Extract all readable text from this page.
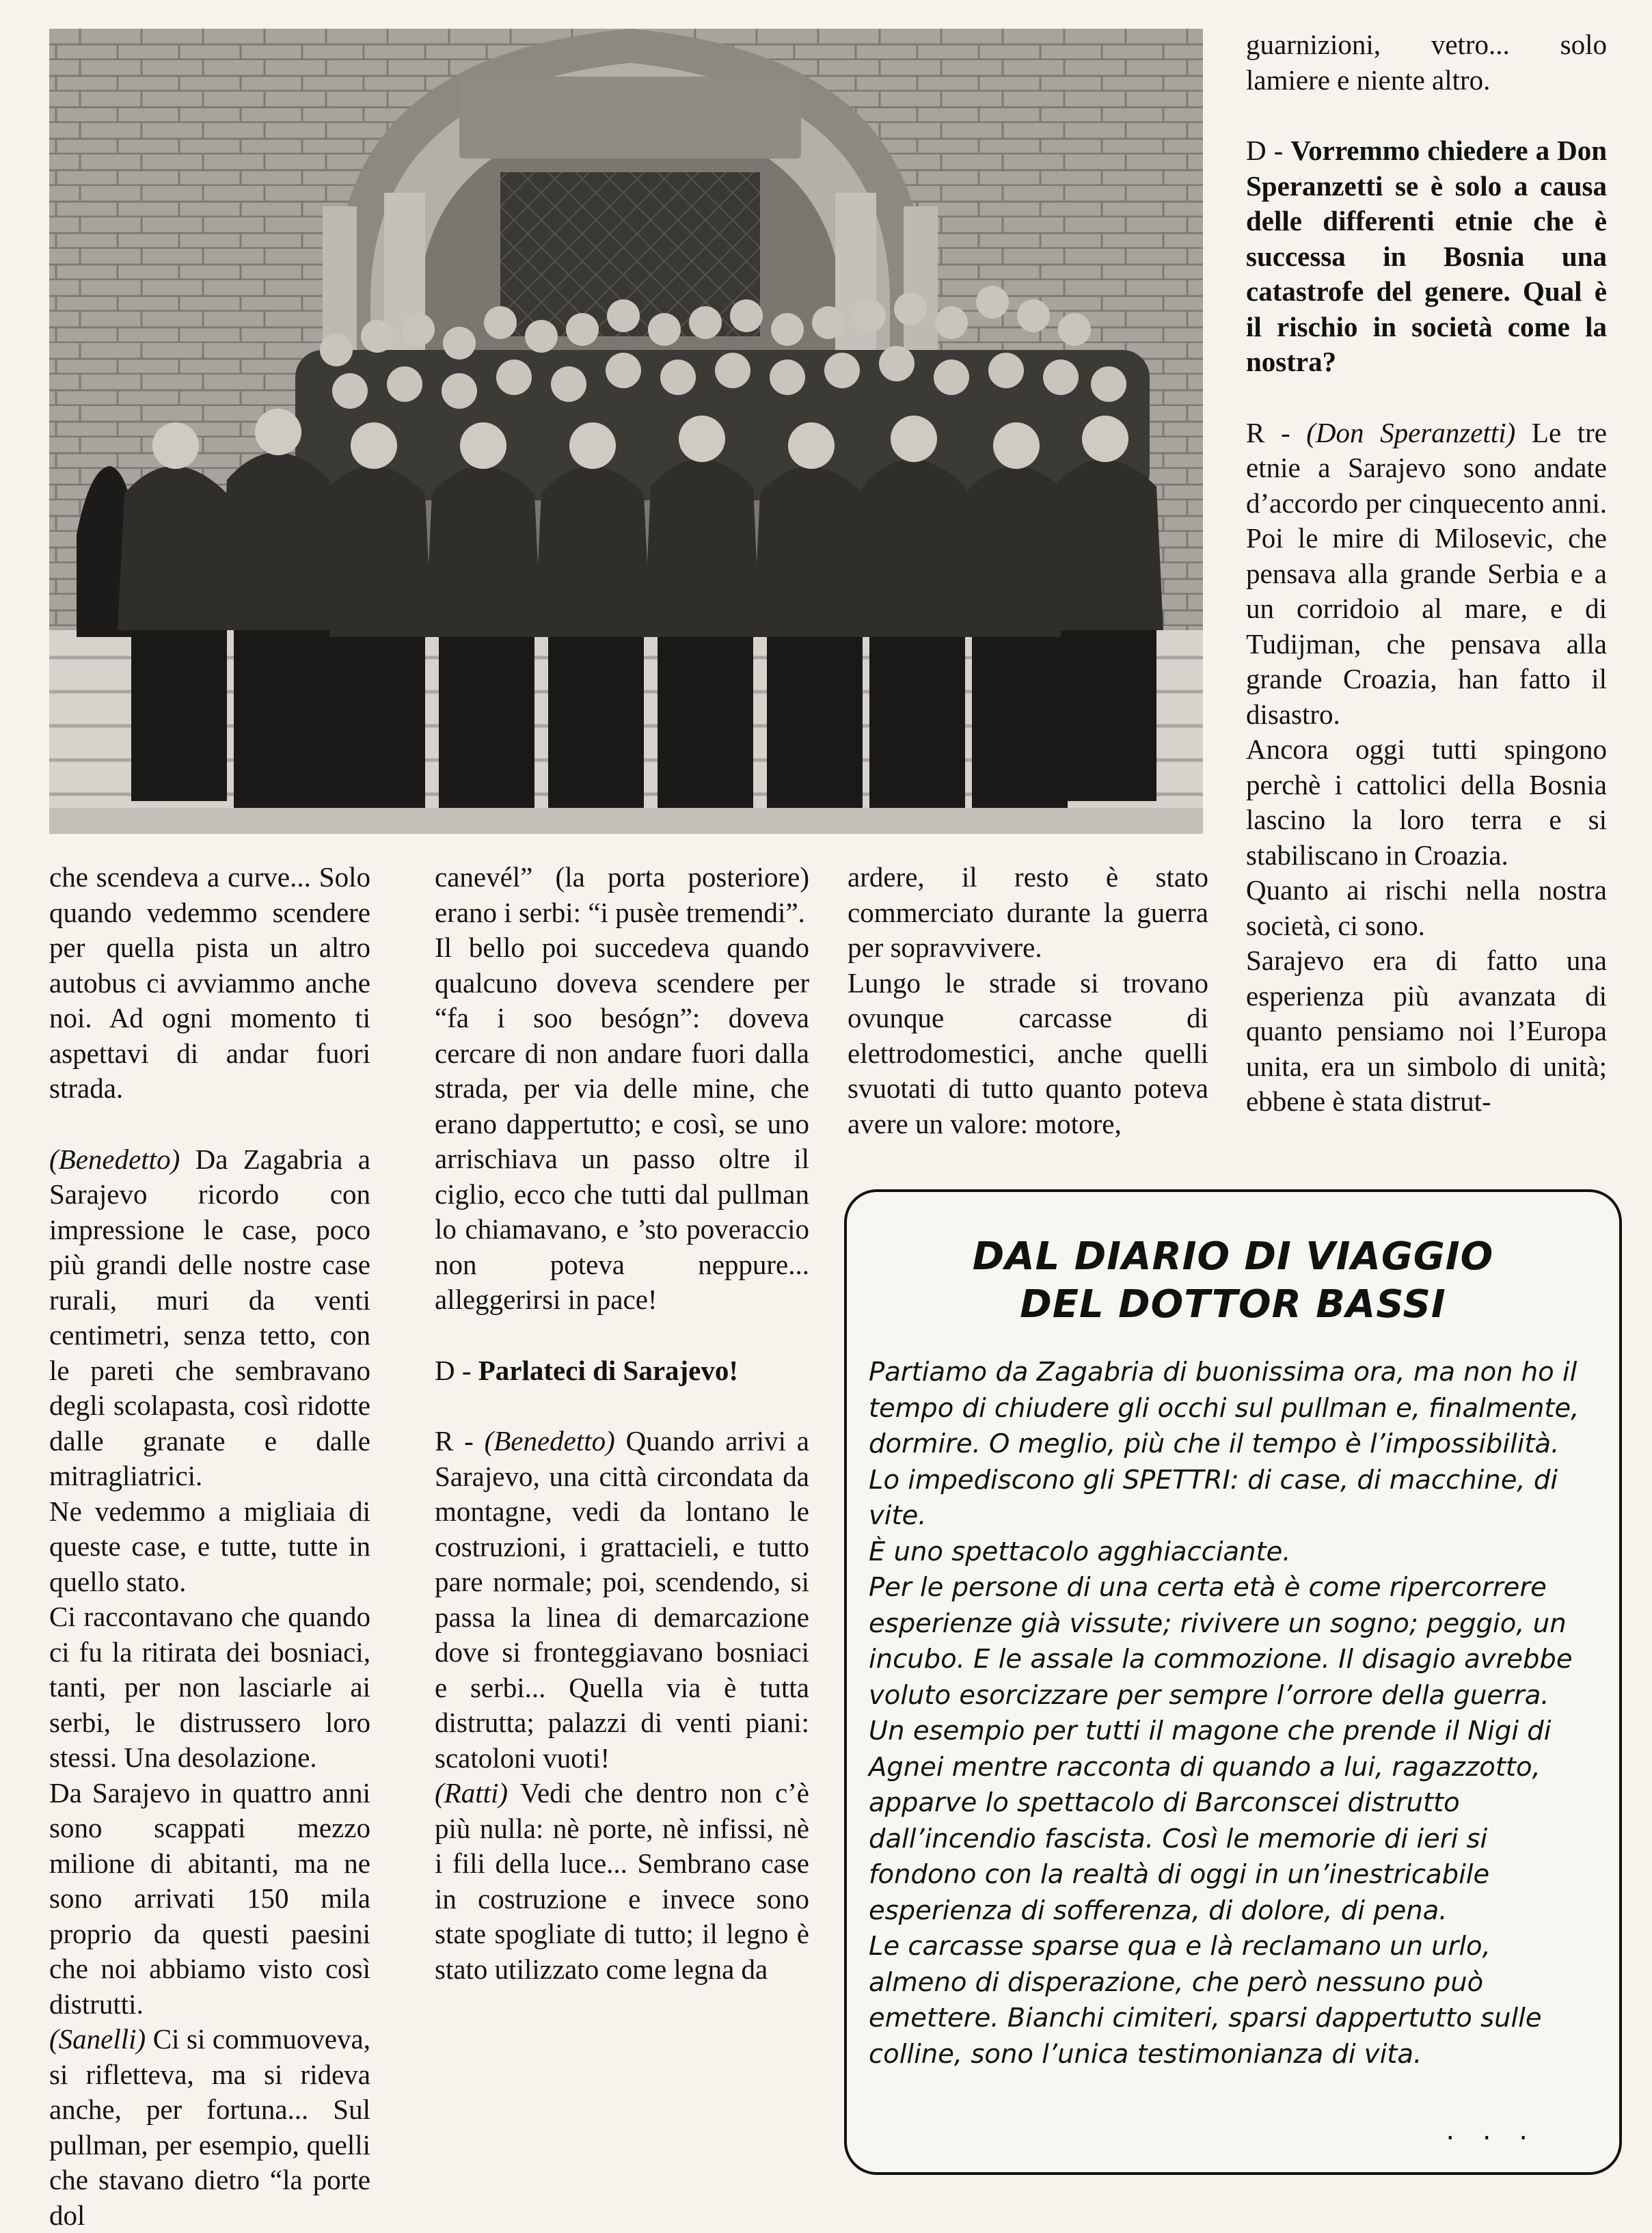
che scendeva a curve... Solo quando vedemmo scendere per quella pista un altro autobus ci avviammo anche noi. Ad ogni momento ti aspettavi di andar fuori strada.

(Benedetto) Da Zagabria a Sarajevo ricordo con impressione le case, poco più grandi delle nostre case rurali, muri da venti centimetri, senza tetto, con le pareti che sembravano degli scolapasta, così ridotte dalle granate e dalle mitragliatrici.

Ne vedemmo a migliaia di queste case, e tutte, tutte in quello stato.

Ci raccontavano che quando ci fu la ritirata dei bosniaci, tanti, per non lasciarle ai serbi, le distrussero loro stessi. Una desolazione.

Da Sarajevo in quattro anni sono scappati mezzo milione di abitanti, ma ne sono arrivati 150 mila proprio da questi paesini che noi abbiamo visto così distrutti.

(Sanelli) Ci si commuoveva, si rifletteva, ma si rideva anche, per fortuna... Sul pullman, per esempio, quelli che stavano dietro “la porte dol

canevél” (la porta posteriore) erano i serbi: “i pusèe tremendi”.

Il bello poi succedeva quando qualcuno doveva scendere per “fa i soo besógn”: doveva cercare di non andare fuori dalla strada, per via delle mine, che erano dappertutto; e così, se uno arrischiava un passo oltre il ciglio, ecco che tutti dal pullman lo chiamavano, e ’sto poveraccio non poteva neppure... alleggerirsi in pace!

D - Parlateci di Sarajevo!

R - (Benedetto) Quando arrivi a Sarajevo, una città circondata da montagne, vedi da lontano le costruzioni, i grattacieli, e tutto pare normale; poi, scendendo, si passa la linea di demarcazione dove si fronteggiavano bosniaci e serbi... Quella via è tutta distrutta; palazzi di venti piani: scatoloni vuoti!

(Ratti) Vedi che dentro non c’è più nulla: nè porte, nè infissi, nè i fili della luce... Sembrano case in costruzione e invece sono state spogliate di tutto; il legno è stato utilizzato come legna da

ardere, il resto è stato commerciato durante la guerra per sopravvivere.

Lungo le strade si trovano ovunque carcasse di elettrodomestici, anche quelli svuotati di tutto quanto poteva avere un valore: motore,

guarnizioni, vetro... solo lamiere e niente altro.

D - Vorremmo chiedere a Don Speranzetti se è solo a causa delle differenti etnie che è successa in Bosnia una catastrofe del genere. Qual è il rischio in società come la nostra?

R - (Don Speranzetti) Le tre etnie a Sarajevo sono andate d’accordo per cinquecento anni. Poi le mire di Milosevic, che pensava alla grande Serbia e a un corridoio al mare, e di Tudijman, che pensava alla grande Croazia, han fatto il disastro.

Ancora oggi tutti spingono perchè i cattolici della Bosnia lascino la loro terra e si stabiliscano in Croazia.

Quanto ai rischi nella nostra società, ci sono.

Sarajevo era di fatto una esperienza più avanzata di quanto pensiamo noi l’Europa unita, era un simbolo di unità; ebbene è stata distrut-

DAL DIARIO DI VIAGGIO
DEL DOTTOR BASSI

Partiamo da Zagabria di buonissima ora, ma non ho il tempo di chiudere gli occhi sul pullman e, finalmente, dormire. O meglio, più che il tempo è l’impossibilità.

Lo impediscono gli SPETTRI: di case, di macchine, di vite.

È uno spettacolo agghiacciante.

Per le persone di una certa età è come ripercorrere esperienze già vissute; rivivere un sogno; peggio, un incubo. E le assale la commozione. Il disagio avrebbe voluto esorcizzare per sempre l’orrore della guerra.

Un esempio per tutti il magone che prende il Nigi di Agnei mentre racconta di quando a lui, ragazzotto, apparve lo spettacolo di Barconscei distrutto dall’incendio fascista. Così le memorie di ieri si fondono con la realtà di oggi in un’inestricabile esperienza di sofferenza, di dolore, di pena.

Le carcasse sparse qua e là reclamano un urlo, almeno di disperazione, che però nessuno può emettere. Bianchi cimiteri, sparsi dappertutto sulle colline, sono l’unica testimonianza di vita.

. . .
